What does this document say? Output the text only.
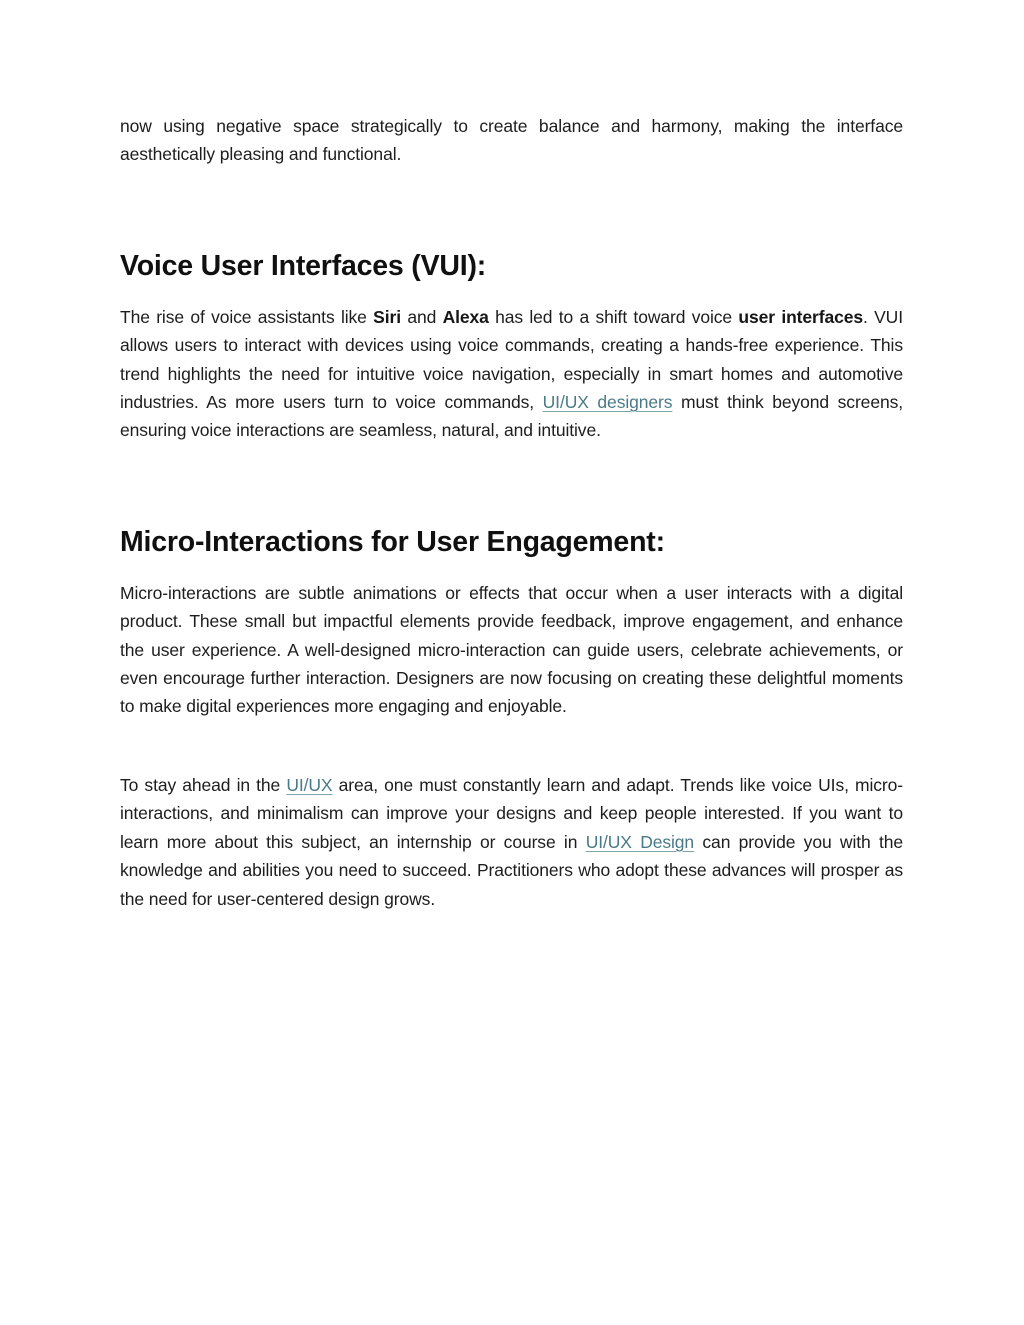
now using negative space strategically to create balance and harmony, making the interface aesthetically pleasing and functional.

Voice User Interfaces (VUI):

The rise of voice assistants like Siri and Alexa has led to a shift toward voice user interfaces. VUI allows users to interact with devices using voice commands, creating a hands-free experience. This trend highlights the need for intuitive voice navigation, especially in smart homes and automotive industries. As more users turn to voice commands, UI/UX designers must think beyond screens, ensuring voice interactions are seamless, natural, and intuitive.

Micro-Interactions for User Engagement:

Micro-interactions are subtle animations or effects that occur when a user interacts with a digital product. These small but impactful elements provide feedback, improve engagement, and enhance the user experience. A well-designed micro-interaction can guide users, celebrate achievements, or even encourage further interaction. Designers are now focusing on creating these delightful moments to make digital experiences more engaging and enjoyable.

To stay ahead in the UI/UX area, one must constantly learn and adapt. Trends like voice UIs, micro-interactions, and minimalism can improve your designs and keep people interested. If you want to learn more about this subject, an internship or course in UI/UX Design can provide you with the knowledge and abilities you need to succeed. Practitioners who adopt these advances will prosper as the need for user-centered design grows.
